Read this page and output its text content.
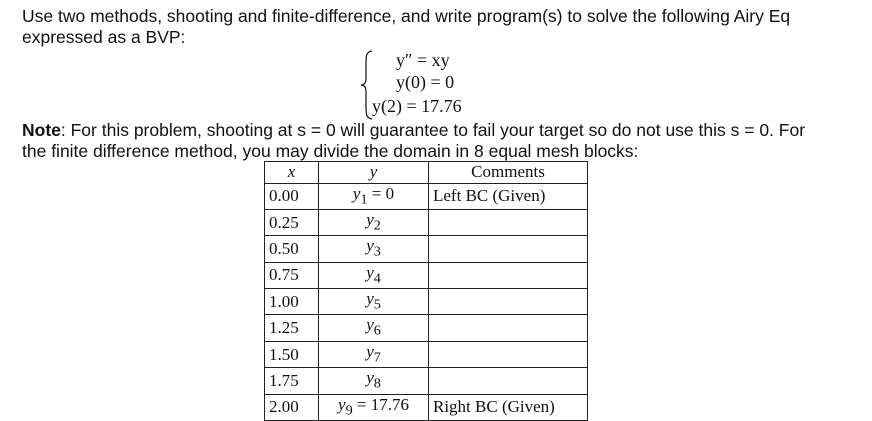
Use two methods, shooting and finite-difference, and write program(s) to solve the following Airy Eq
expressed as a BVP:
y″ = xy
y(0) = 0
y(2) = 17.76
Note: For this problem, shooting at s = 0 will guarantee to fail your target so do not use this s = 0. For
the finite difference method, you may divide the domain in 8 equal mesh blocks:
x	y	Comments
0.00	$y_1 = 0$	Left BC (Given)
0.25	$y_2$	
0.50	$y_3$	
0.75	$y_4$	
1.00	$y_5$	
1.25	$y_6$	
1.50	$y_7$	
1.75	$y_8$	
2.00	$y_9 = 17.76$	Right BC (Given)
